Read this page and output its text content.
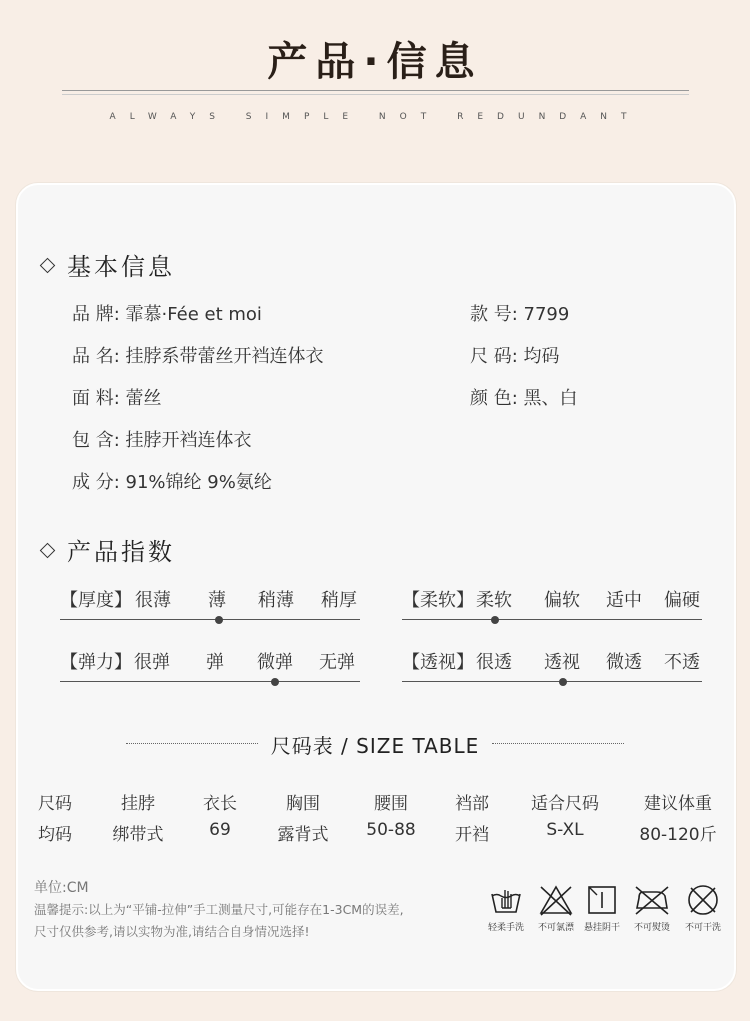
产品·信息
ALWAYS SIMPLE NOT REDUNDANT
基本信息
品 牌: 霏慕·Fée et moi	款 号: 7799
品 名: 挂脖系带蕾丝开裆连体衣	尺 码: 均码
面 料: 蕾丝	颜 色: 黑、白
包 含: 挂脖开裆连体衣
成 分: 91%锦纶 9%氨纶
产品指数
【厚度】 很薄 薄 稍薄 稍厚	【柔软】 柔软 偏软 适中 偏硬
【弹力】 很弹 弹 微弹 无弹	【透视】 很透 透视 微透 不透
尺码表 / SIZE TABLE
尺码	挂脖	衣长	胸围	腰围	裆部	适合尺码	建议体重
均码	绑带式	69	露背式	50-88	开裆	S-XL	80-120斤
单位:CM
温馨提示:以上为“平铺-拉伸”手工测量尺寸,可能存在1-3CM的误差,
尺寸仅供参考,请以实物为准,请结合自身情况选择!	轻柔手洗	不可氯漂	悬挂阴干	不可熨烫	不可干洗
